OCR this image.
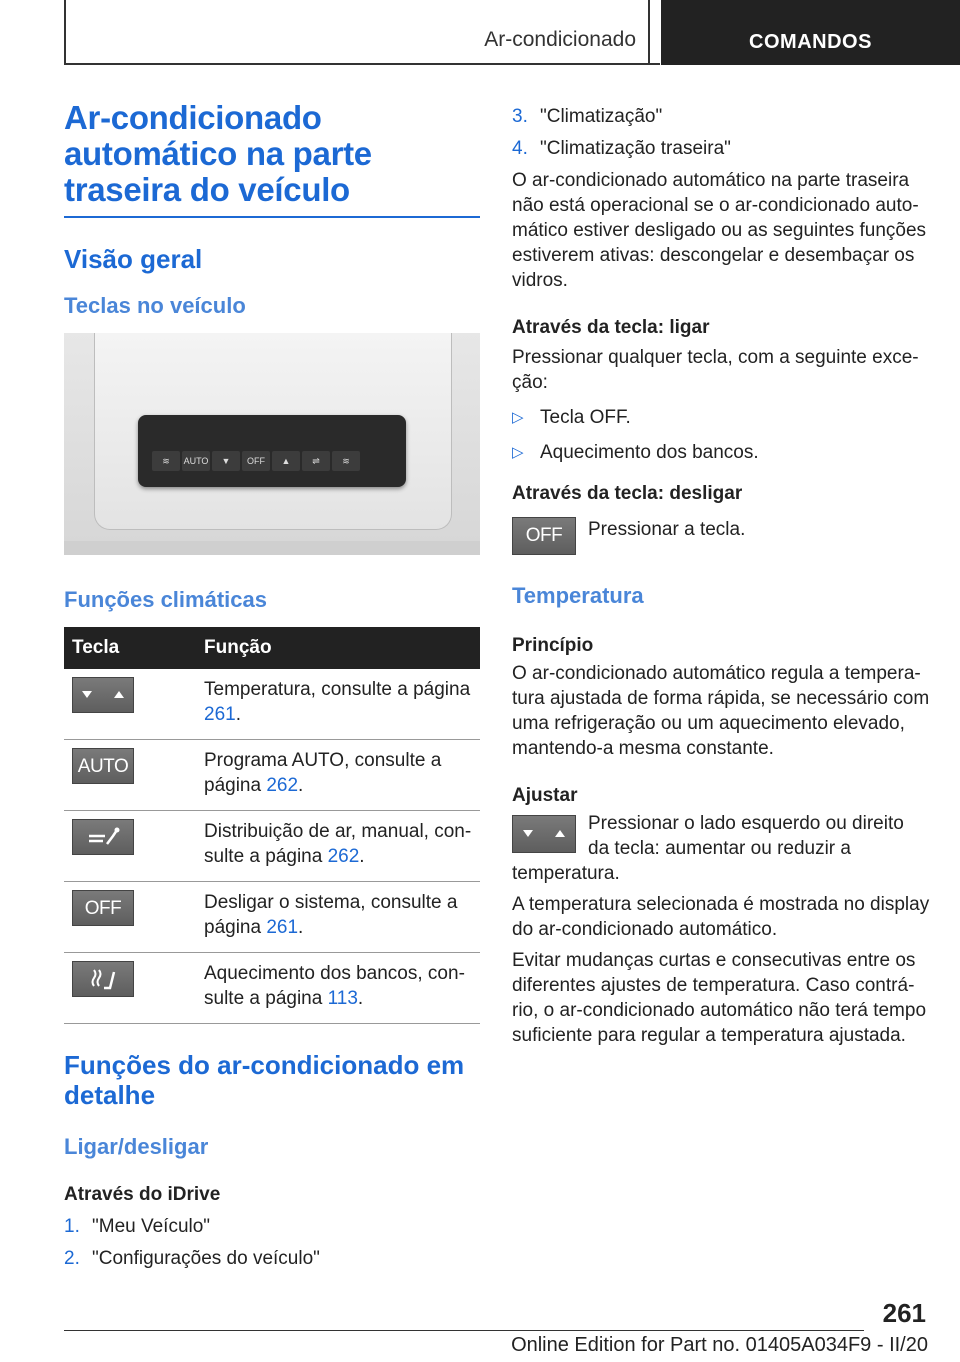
Ar-condicionado	COMANDOS
Ar-condicionado automático na parte traseira do veículo
Visão geral
Teclas no veículo
≋	AUTO	▼	OFF	▲	⇌	≋
Funções climáticas
Tecla	Função

	Temperatura, consulte a página 261.

AUTO	Programa AUTO, consulte a página 262.

	Distribuição de ar, manual, consulte a página 262.

OFF	Desligar o sistema, consulte a página 261.

	Aquecimento dos bancos, consulte a página 113.
Funções do ar-condicionado em detalhe
Ligar/desligar
Através do iDrive
1. "Meu Veículo"
2. "Configurações do veículo"
3. "Climatização"
4. "Climatização traseira"

O ar-condicionado automático na parte traseira não está operacional se o ar-condicionado automático estiver desligado ou as seguintes funções estiverem ativas: descongelar e desembaçar os vidros.

Através da tecla: ligar

Pressionar qualquer tecla, com a seguinte exceção:

▷ Tecla OFF.
▷ Aquecimento dos bancos.
Através da tecla: desligar
OFF	Pressionar a tecla.

Temperatura
Princípio

O ar-condicionado automático regula a temperatura ajustada de forma rápida, se necessário com uma refrigeração ou um aquecimento elevado, mantendo-a mesma constante.

Ajustar

Pressionar o lado esquerdo ou direito da tecla: aumentar ou reduzir a temperatura.

A temperatura selecionada é mostrada no display do ar-condicionado automático.

Evitar mudanças curtas e consecutivas entre os diferentes ajustes de temperatura. Caso contrário, o ar-condicionado automático não terá tempo suficiente para regular a temperatura ajustada.

261
Online Edition for Part no. 01405A034F9 - II/20
